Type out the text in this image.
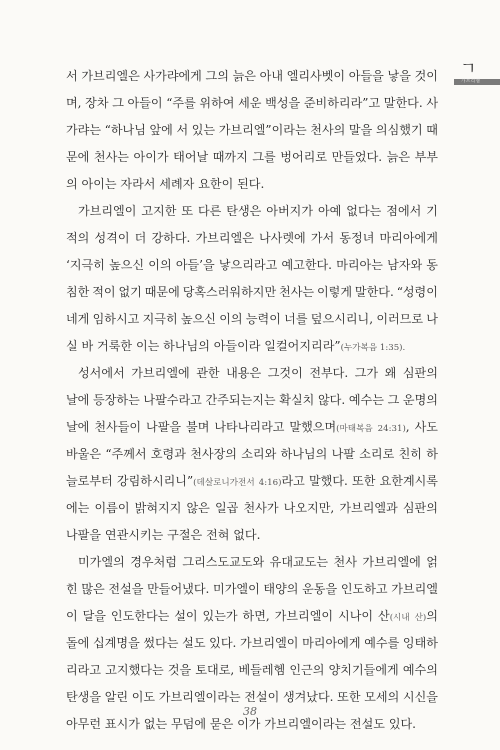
ㄱ
가브리엘
서 가브리엘은 사가랴에게 그의 늙은 아내 엘리사벳이 아들을 낳을 것이
며, 장차 그 아들이 “주를 위하여 세운 백성을 준비하리라”고 말한다. 사
가랴는 “하나님 앞에 서 있는 가브리엘”이라는 천사의 말을 의심했기 때
문에 천사는 아이가 태어날 때까지 그를 벙어리로 만들었다. 늙은 부부
의 아이는 자라서 세례자 요한이 된다.
가브리엘이 고지한 또 다른 탄생은 아버지가 아예 없다는 점에서 기
적의 성격이 더 강하다. 가브리엘은 나사렛에 가서 동정녀 마리아에게
‘지극히 높으신 이의 아들’을 낳으리라고 예고한다. 마리아는 남자와 동
침한 적이 없기 때문에 당혹스러워하지만 천사는 이렇게 말한다. “성령이
네게 임하시고 지극히 높으신 이의 능력이 너를 덮으시리니, 이러므로 나
실 바 거룩한 이는 하나님의 아들이라 일컬어지리라” (누가복음 1:35).
성서에서 가브리엘에 관한 내용은 그것이 전부다. 그가 왜 심판의
날에 등장하는 나팔수라고 간주되는지는 확실치 않다. 예수는 그 운명의
날에 천사들이 나팔을 불며 나타나리라고 말했으며(마태복음 24:31), 사도
바울은 “주께서 호령과 천사장의 소리와 하나님의 나팔 소리로 친히 하
늘로부터 강림하시리니”(데살로니가전서 4:16)라고 말했다. 또한 요한계시록
에는 이름이 밝혀지지 않은 일곱 천사가 나오지만, 가브리엘과 심판의
나팔을 연관시키는 구절은 전혀 없다.
미가엘의 경우처럼 그리스도교도와 유대교도는 천사 가브리엘에 얽
힌 많은 전설을 만들어냈다. 미가엘이 태양의 운동을 인도하고 가브리엘
이 달을 인도한다는 설이 있는가 하면, 가브리엘이 시나이 산(시내 산)의
돌에 십계명을 썼다는 설도 있다. 가브리엘이 마리아에게 예수를 잉태하
리라고 고지했다는 것을 토대로, 베들레헴 인근의 양치기들에게 예수의
탄생을 알린 이도 가브리엘이라는 전설이 생겨났다. 또한 모세의 시신을
아무런 표시가 없는 무덤에 묻은 이가 가브리엘이라는 전설도 있다.
38
